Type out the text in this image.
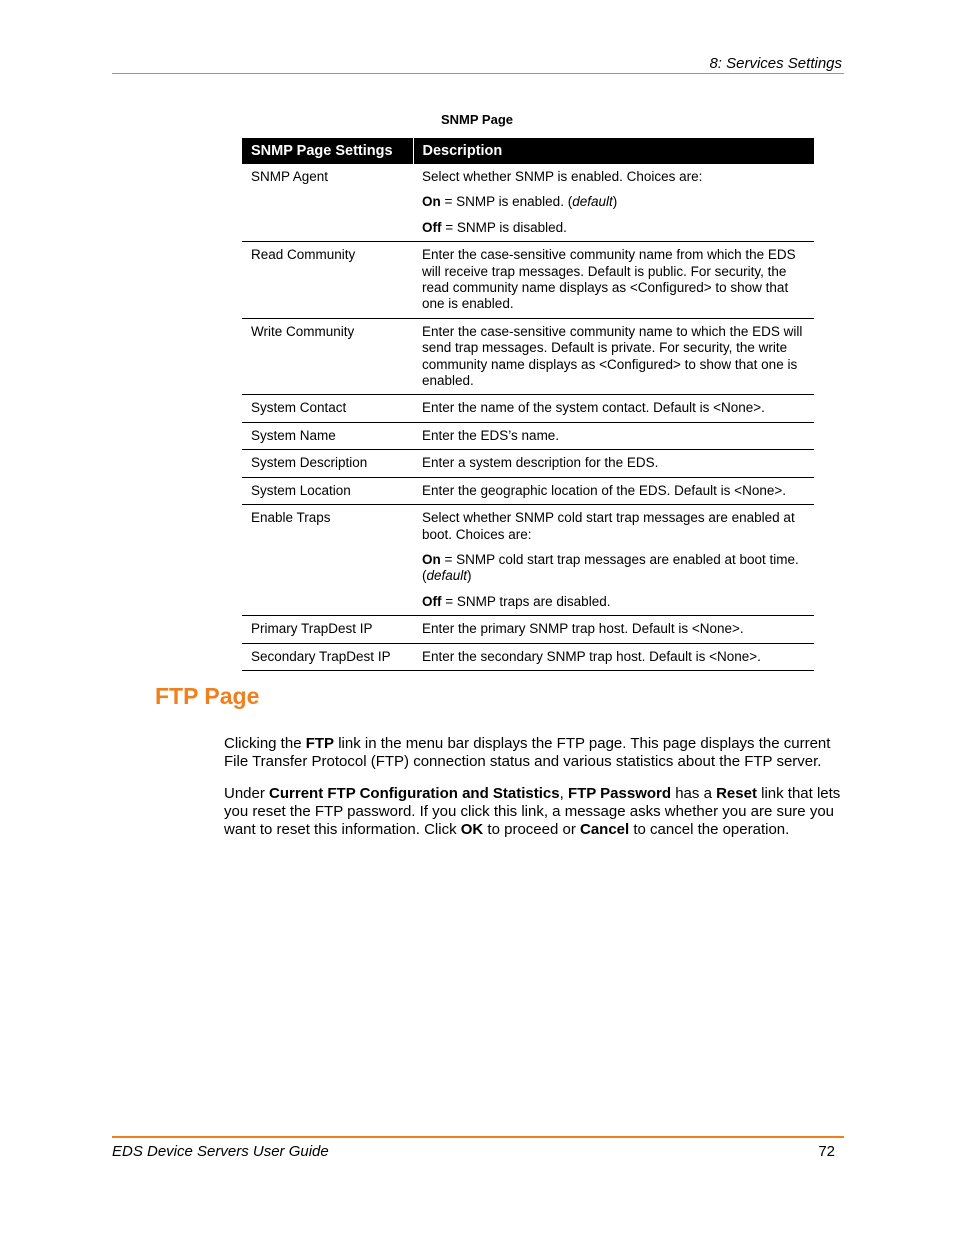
8: Services Settings
SNMP Page
SNMP Page Settings	Description
SNMP Agent	Select whether SNMP is enabled. Choices are:

On = SNMP is enabled. (default)

Off = SNMP is disabled.

Read Community	Enter the case-sensitive community name from which the EDS will receive trap messages. Default is public. For security, the read community name displays as <Configured> to show that one is enabled.

Write Community	Enter the case-sensitive community name to which the EDS will send trap messages. Default is private. For security, the write community name displays as <Configured> to show that one is enabled.

System Contact	Enter the name of the system contact. Default is <None>.

System Name	Enter the EDS’s name.

System Description	Enter a system description for the EDS.

System Location	Enter the geographic location of the EDS. Default is <None>.

Enable Traps	Select whether SNMP cold start trap messages are enabled at boot. Choices are:

On = SNMP cold start trap messages are enabled at boot time. (default)

Off = SNMP traps are disabled.

Primary TrapDest IP	Enter the primary SNMP trap host. Default is <None>.

Secondary TrapDest IP	Enter the secondary SNMP trap host. Default is <None>.

FTP Page

Clicking the FTP link in the menu bar displays the FTP page. This page displays the current File Transfer Protocol (FTP) connection status and various statistics about the FTP server.

Under Current FTP Configuration and Statistics, FTP Password has a Reset link that lets you reset the FTP password. If you click this link, a message asks whether you are sure you want to reset this information. Click OK to proceed or Cancel to cancel the operation.

EDS Device Servers User Guide	72
